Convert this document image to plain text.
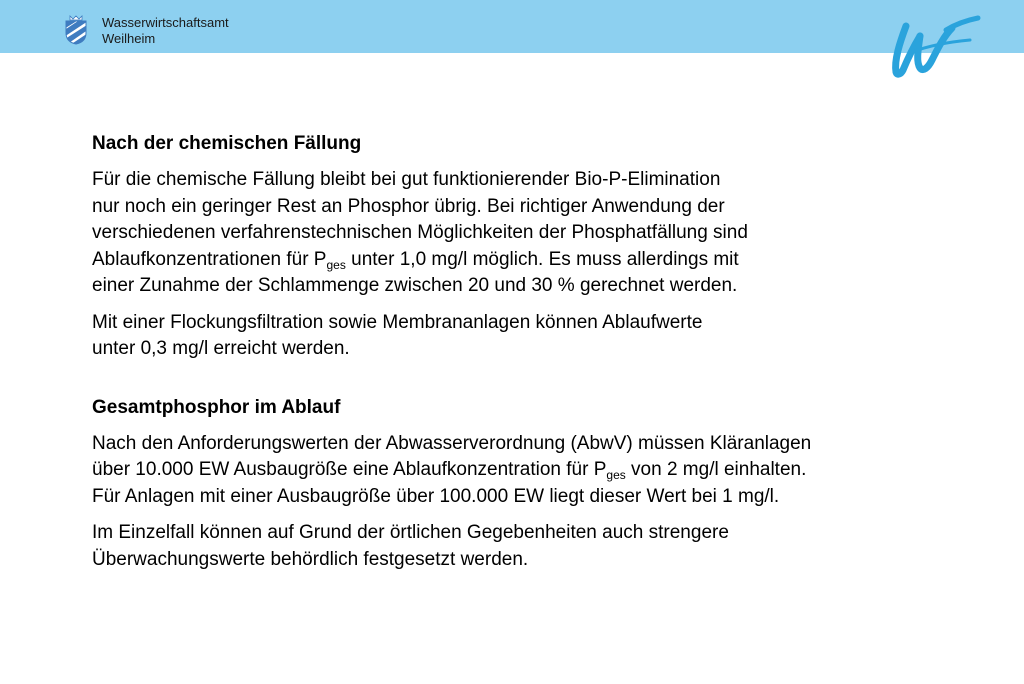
Wasserwirtschaftsamt
Weilheim
Nach der chemischen Fällung
Für die chemische Fällung bleibt bei gut funktionierender Bio-P-Elimination
nur noch ein geringer Rest an Phosphor übrig. Bei richtiger Anwendung der
verschiedenen verfahrenstechnischen Möglichkeiten der Phosphatfällung sind
Ablaufkonzentrationen für $P_{ges}$ unter 1,0 mg/l möglich. Es muss allerdings mit
einer Zunahme der Schlammenge zwischen 20 und 30 % gerechnet werden.
Mit einer Flockungsfiltration sowie Membrananlagen können Ablaufwerte
unter 0,3 mg/l erreicht werden.
Gesamtphosphor im Ablauf
Nach den Anforderungswerten der Abwasserverordnung (AbwV) müssen Kläranlagen
über 10.000 EW Ausbaugröße eine Ablaufkonzentration für $P_{ges}$ von 2 mg/l einhalten.
Für Anlagen mit einer Ausbaugröße über 100.000 EW liegt dieser Wert bei 1 mg/l.
Im Einzelfall können auf Grund der örtlichen Gegebenheiten auch strengere
Überwachungswerte behördlich festgesetzt werden.
